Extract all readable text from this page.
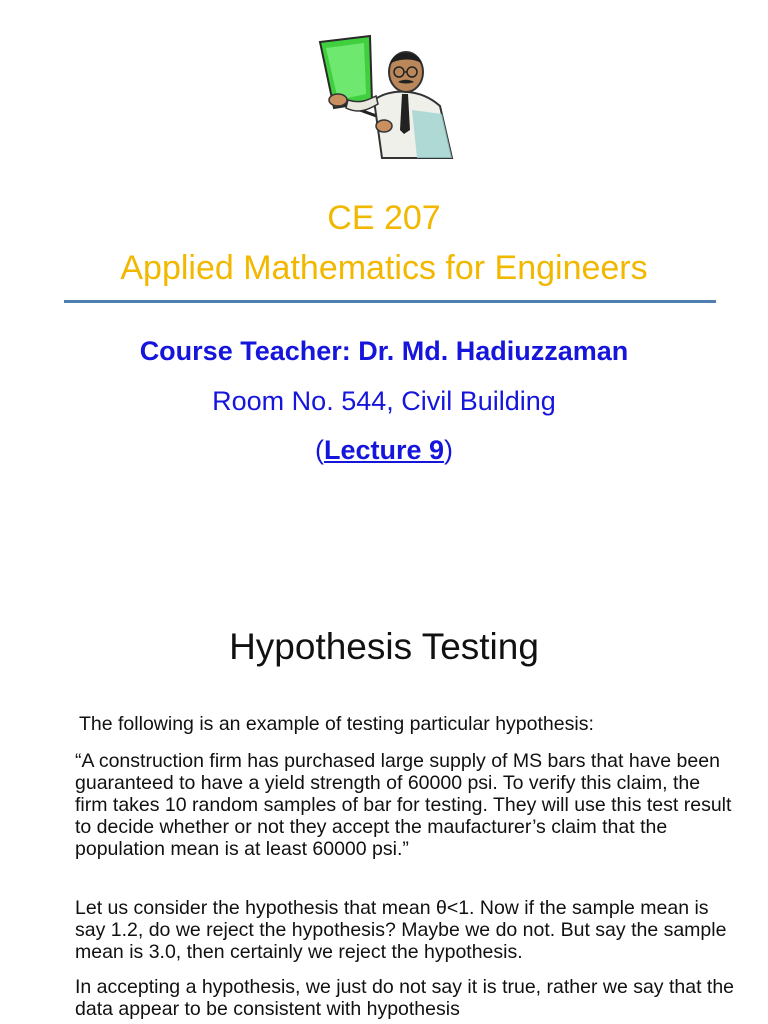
CE 207
Applied Mathematics for Engineers
Course Teacher: Dr. Md. Hadiuzzaman
Room No. 544, Civil Building
(Lecture 9)
Hypothesis Testing
The following is an example of testing particular hypothesis:
“A construction firm has purchased large supply of MS bars that have been guaranteed to have a yield strength of 60000 psi. To verify this claim, the firm takes 10 random samples of bar for testing. They will use this test result to decide whether or not they accept the maufacturer’s claim that the population mean is at least 60000 psi.”
Let us consider the hypothesis that mean θ<1. Now if the sample mean is say 1.2, do we reject the hypothesis? Maybe we do not. But say the sample mean is 3.0, then certainly we reject the hypothesis.
In accepting a hypothesis, we just do not say it is true, rather we say that the data appear to be consistent with hypothesis
